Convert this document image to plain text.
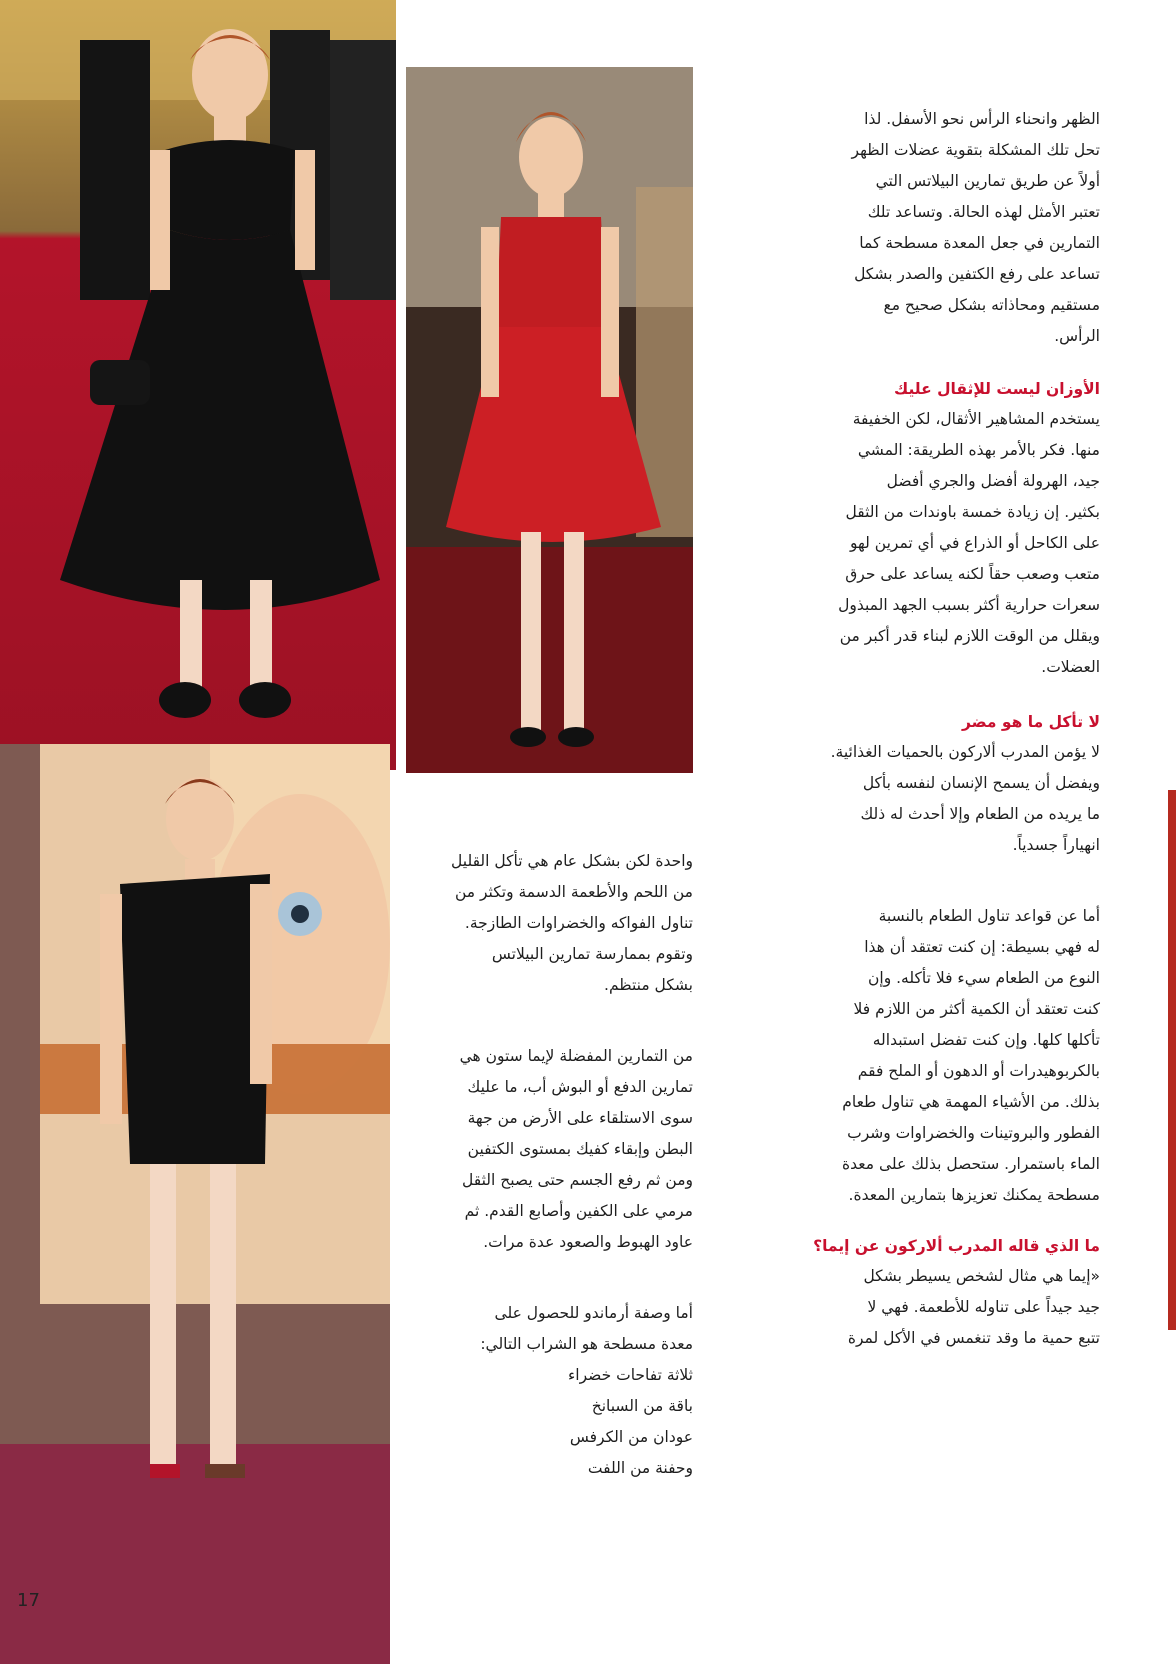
الظهر وانحناء الرأس نحو الأسفل. لذا

تحل تلك المشكلة بتقوية عضلات الظهر

أولاً عن طريق تمارين البيلاتس التي

تعتبر الأمثل لهذه الحالة. وتساعد تلك

التمارين في جعل المعدة مسطحة كما

تساعد على رفع الكتفين والصدر بشكل

مستقيم ومحاذاته بشكل صحيح مع

الرأس.

الأوزان ليست للإثقال عليك

يستخدم المشاهير الأثقال، لكن الخفيفة

منها. فكر بالأمر بهذه الطريقة: المشي

جيد، الهرولة أفضل والجري أفضل

بكثير. إن زيادة خمسة باوندات من الثقل

على الكاحل أو الذراع في أي تمرين لهو

متعب وصعب حقاً لكنه يساعد على حرق

سعرات حرارية أكثر بسبب الجهد المبذول

ويقلل من الوقت اللازم لبناء قدر أكبر من

العضلات.

لا تأكل ما هو مضر

لا يؤمن المدرب ألاركون بالحميات الغذائية.

ويفضل أن يسمح الإنسان لنفسه بأكل

ما يريده من الطعام وإلا أحدث له ذلك

انهياراً جسدياً.

أما عن قواعد تناول الطعام بالنسبة

له فهي بسيطة: إن كنت تعتقد أن هذا

النوع من الطعام سيء فلا تأكله. وإن

كنت تعتقد أن الكمية أكثر من اللازم فلا

تأكلها كلها. وإن كنت تفضل استبداله

بالكربوهيدرات أو الدهون أو الملح فقم

بذلك. من الأشياء المهمة هي تناول طعام

الفطور والبروتينات والخضراوات وشرب

الماء باستمرار. ستحصل بذلك على معدة

مسطحة يمكنك تعزيزها بتمارين المعدة.

ما الذي قاله المدرب ألاركون عن إيما؟

«إيما هي مثال لشخص يسيطر بشكل

جيد جيداً على تناوله للأطعمة. فهي لا

تتبع حمية ما وقد تنغمس في الأكل لمرة

واحدة لكن بشكل عام هي تأكل القليل

من اللحم والأطعمة الدسمة وتكثر من

تناول الفواكه والخضراوات الطازجة.

وتقوم بممارسة تمارين البيلاتس

بشكل منتظم.

من التمارين المفضلة لإيما ستون هي

تمارين الدفع أو البوش أب، ما عليك

سوى الاستلقاء على الأرض من جهة

البطن وإبقاء كفيك بمستوى الكتفين

ومن ثم رفع الجسم حتى يصبح الثقل

مرمي على الكفين وأصابع القدم. ثم

عاود الهبوط والصعود عدة مرات.

أما وصفة أرماندو للحصول على

معدة مسطحة هو الشراب التالي:

ثلاثة تفاحات خضراء

باقة من السبانخ

عودان من الكرفس

وحفنة من اللفت

17
